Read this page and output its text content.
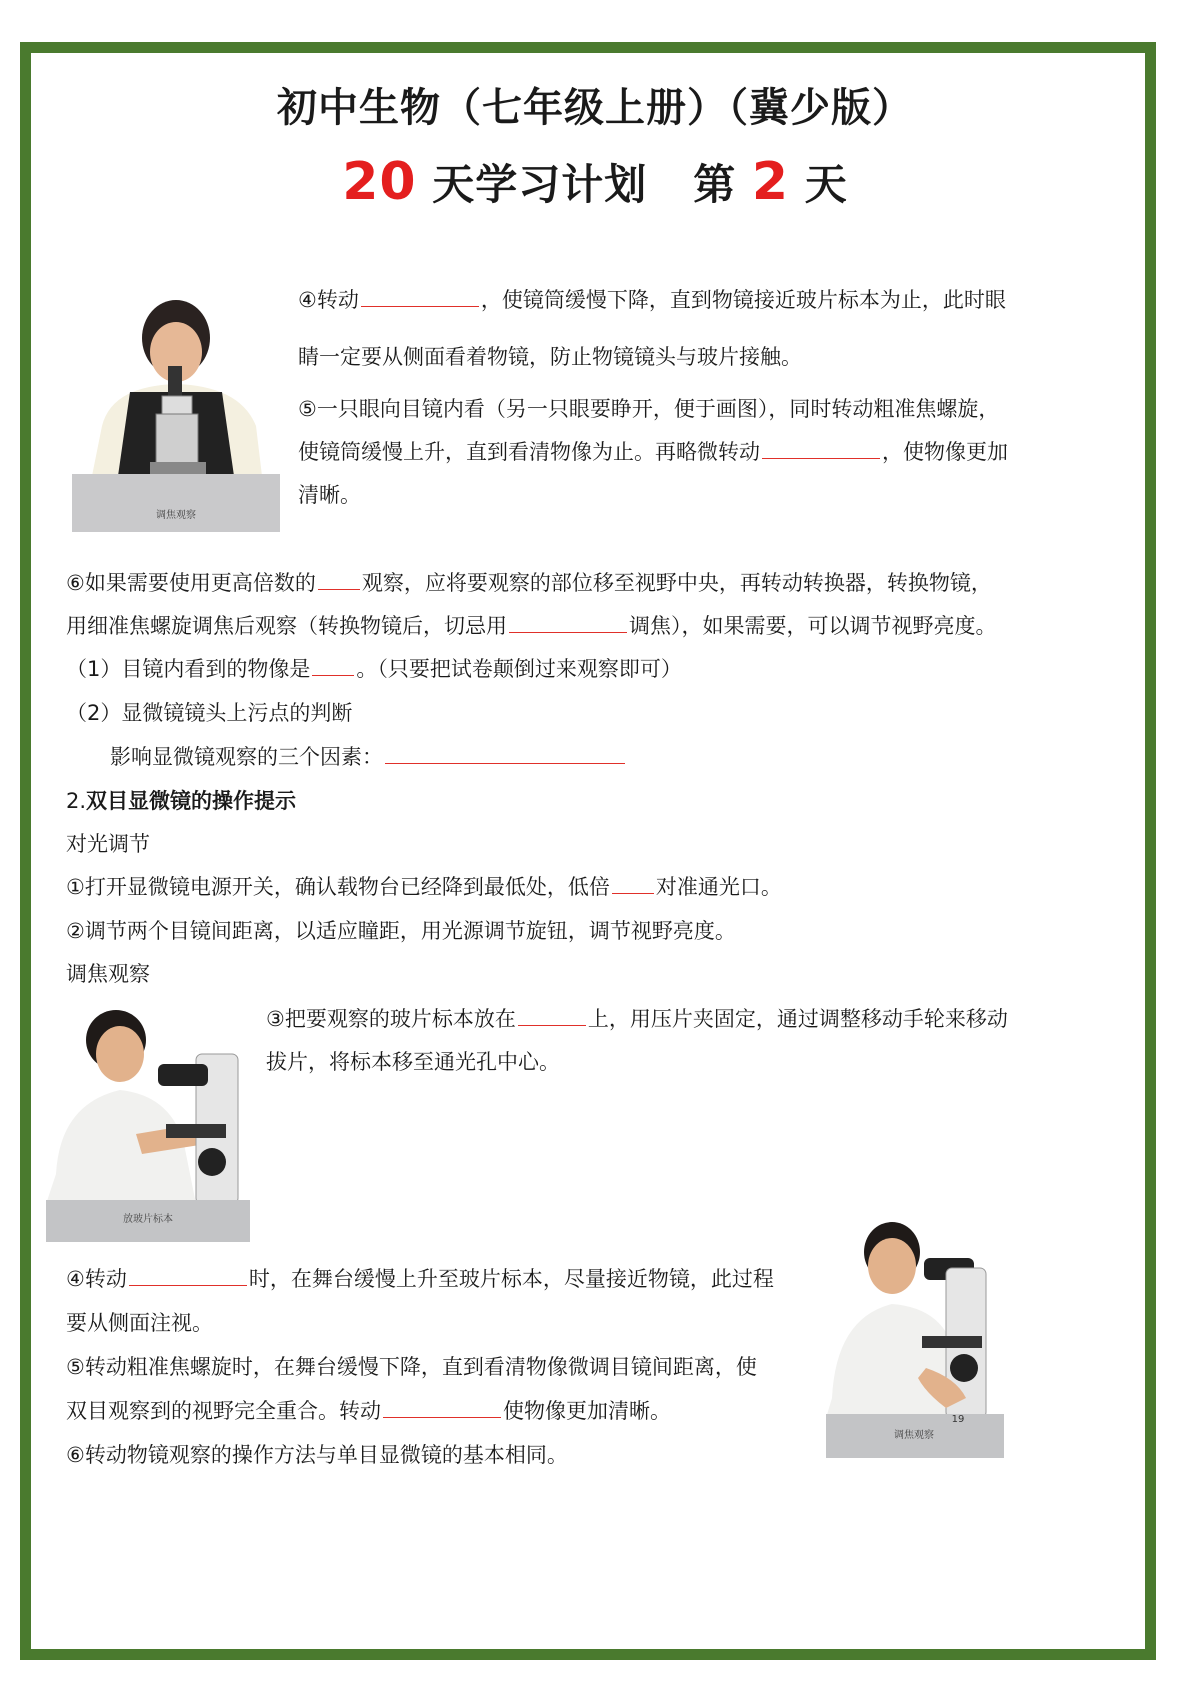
初中生物（七年级上册）（冀少版）
20 天学习计划 第 2 天
调焦观察
④转动	，使镜筒缓慢下降，直到物镜接近玻片标本为止，此时眼
睛一定要从侧面看着物镜，防止物镜镜头与玻片接触。
⑤一只眼向目镜内看（另一只眼要睁开，便于画图），同时转动粗准焦螺旋，
使镜筒缓慢上升，直到看清物像为止。再略微转动	，使物像更加
清晰。
⑥如果需要使用更高倍数的 观察，应将要观察的部位移至视野中央，再转动转换器，转换物镜，
用细准焦螺旋调焦后观察（转换物镜后，切忌用	调焦），如果需要，可以调节视野亮度。
（1）目镜内看到的物像是 。（只要把试卷颠倒过来观察即可）
（2）显微镜镜头上污点的判断
影响显微镜观察的三个因素：
2.双目显微镜的操作提示
对光调节
①打开显微镜电源开关，确认载物台已经降到最低处，低倍 对准通光口。
②调节两个目镜间距离，以适应瞳距，用光源调节旋钮，调节视野亮度。
调焦观察
放玻片标本
③把要观察的玻片标本放在	上，用压片夹固定，通过调整移动手轮来移动
拔片，将标本移至通光孔中心。
④转动	时，在舞台缓慢上升至玻片标本，尽量接近物镜，此过程
要从侧面注视。
⑤转动粗准焦螺旋时，在舞台缓慢下降，直到看清物像微调目镜间距离，使
双目观察到的视野完全重合。转动	使物像更加清晰。
⑥转动物镜观察的操作方法与单目显微镜的基本相同。
调焦观察
19
